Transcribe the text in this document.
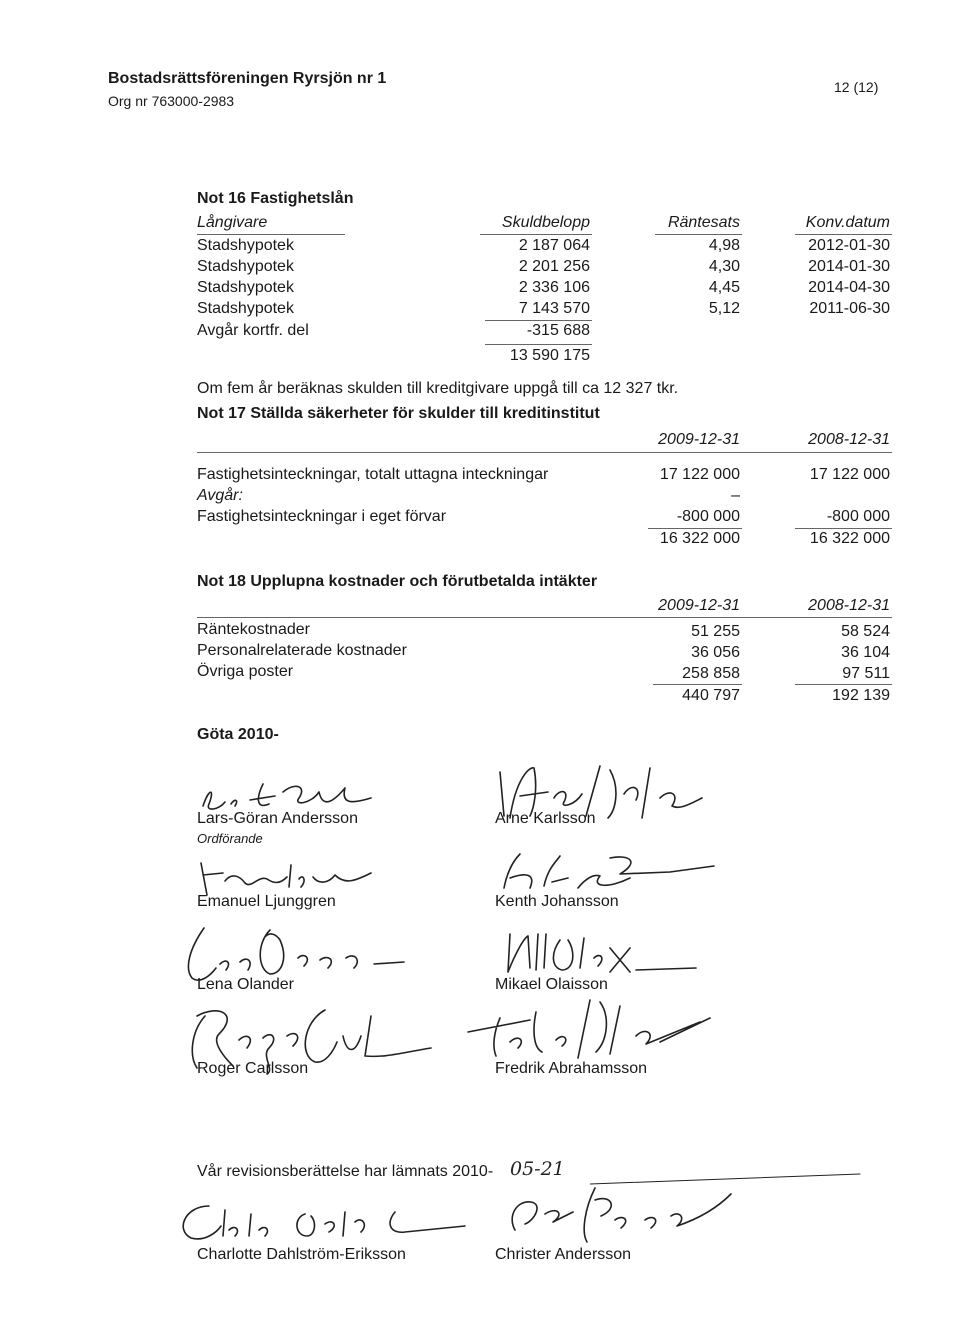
Bostadsrättsföreningen Ryrsjön nr 1
Org nr 763000-2983
12 (12)
Not 16 Fastighetslån
Långivare	Skuldbelopp	Räntesats	Konv.datum
Stadshypotek	2 187 064	4,98	2012-01-30
Stadshypotek	2 201 256	4,30	2014-01-30
Stadshypotek	2 336 106	4,45	2014-04-30
Stadshypotek	7 143 570	5,12	2011-06-30
Avgår kortfr. del	-315 688
13 590 175
Om fem år beräknas skulden till kreditgivare uppgå till ca 12 327 tkr.
Not 17 Ställda säkerheter för skulder till kreditinstitut
2009-12-31	2008-12-31
Fastighetsinteckningar, totalt uttagna inteckningar	17 122 000	17 122 000
Avgår:	–
Fastighetsinteckningar i eget förvar	-800 000	-800 000
16 322 000	16 322 000
Not 18 Upplupna kostnader och förutbetalda intäkter
2009-12-31	2008-12-31
Räntekostnader	51 255	58 524
Personalrelaterade kostnader	36 056	36 104
Övriga poster	258 858	97 511
440 797	192 139
Göta 2010-
Lars-Göran Andersson
Ordförande
Arne Karlsson
Emanuel Ljunggren	Kenth Johansson
Lena Olander	Mikael Olaisson
Roger Carlsson	Fredrik Abrahamsson
Vår revisionsberättelse har lämnats 2010- 05-21
Charlotte Dahlström-Eriksson	Christer Andersson
